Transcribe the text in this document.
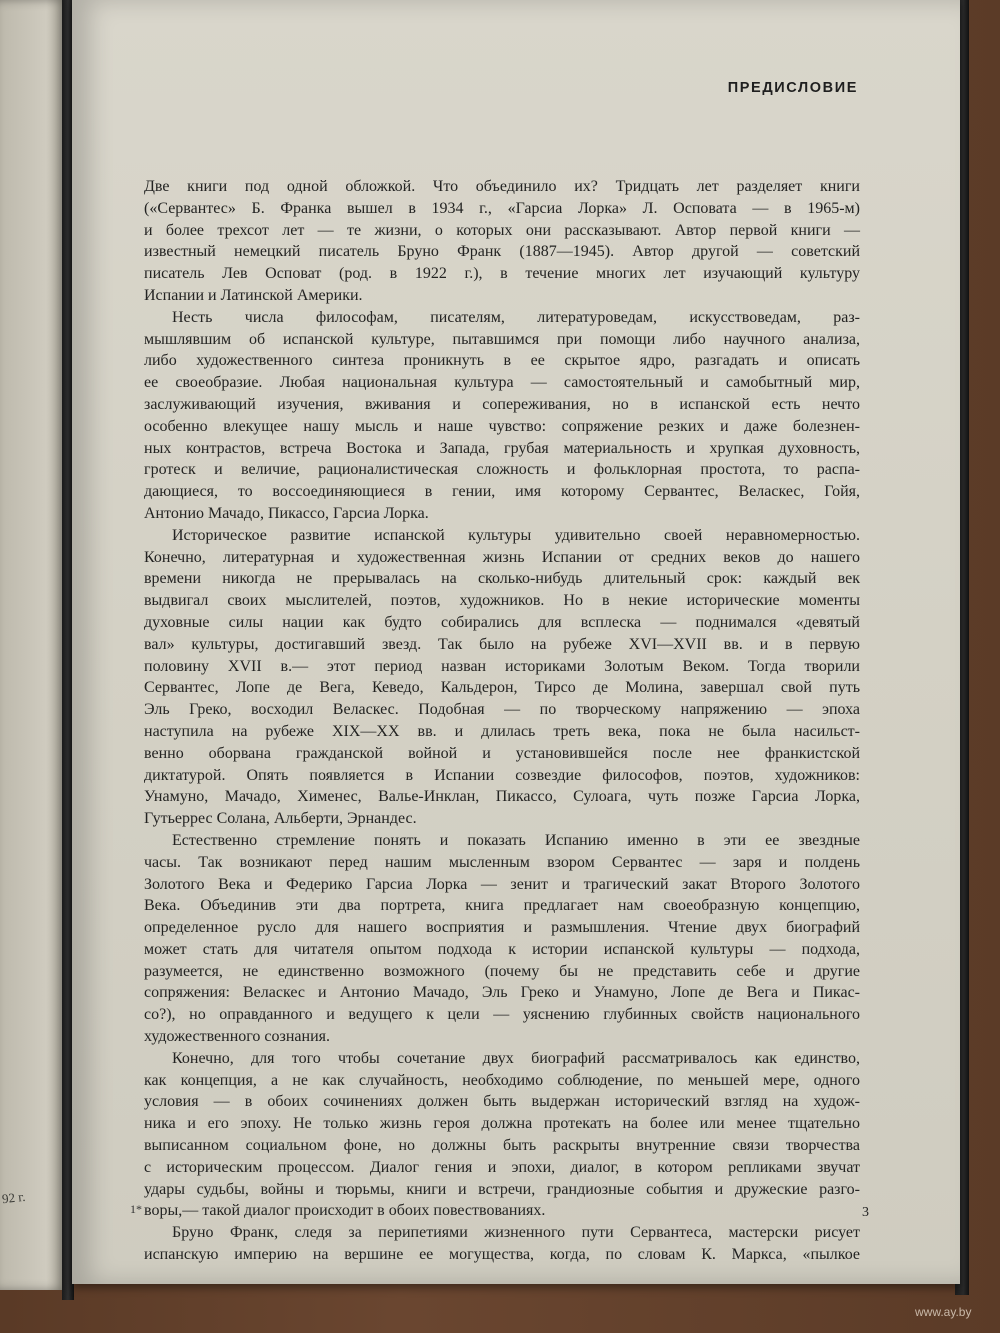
92 г.
ПРЕДИСЛОВИЕ

Две книги под одной обложкой. Что объединило их? Тридцать лет разделяет книги
(«Сервантес» Б. Франка вышел в 1934 г., «Гарсиа Лорка» Л. Осповата — в 1965-м)
и более трехсот лет — те жизни, о которых они рассказывают. Автор первой книги —
известный немецкий писатель Бруно Франк (1887—1945). Автор другой — советский
писатель Лев Осповат (род. в 1922 г.), в течение многих лет изучающий культуру
Испании и Латинской Америки.

Несть числа философам, писателям, литературоведам, искусствоведам, раз-
мышлявшим об испанской культуре, пытавшимся при помощи либо научного анализа,
либо художественного синтеза проникнуть в ее скрытое ядро, разгадать и описать
ее своеобразие. Любая национальная культура — самостоятельный и самобытный мир,
заслуживающий изучения, вживания и сопереживания, но в испанской есть нечто
особенно влекущее нашу мысль и наше чувство: сопряжение резких и даже болезнен-
ных контрастов, встреча Востока и Запада, грубая материальность и хрупкая духовность,
гротеск и величие, рационалистическая сложность и фольклорная простота, то распа-
дающиеся, то воссоединяющиеся в гении, имя которому Сервантес, Веласкес, Гойя,
Антонио Мачадо, Пикассо, Гарсиа Лорка.

Историческое развитие испанской культуры удивительно своей неравномерностью.
Конечно, литературная и художественная жизнь Испании от средних веков до нашего
времени никогда не прерывалась на сколько-нибудь длительный срок: каждый век
выдвигал своих мыслителей, поэтов, художников. Но в некие исторические моменты
духовные силы нации как будто собирались для всплеска — поднимался «девятый
вал» культуры, достигавший звезд. Так было на рубеже XVI—XVII вв. и в первую
половину XVII в.— этот период назван историками Золотым Веком. Тогда творили
Сервантес, Лопе де Вега, Кеведо, Кальдерон, Тирсо де Молина, завершал свой путь
Эль Греко, восходил Веласкес. Подобная — по творческому напряжению — эпоха
наступила на рубеже XIX—XX вв. и длилась треть века, пока не была насильст-
венно оборвана гражданской войной и установившейся после нее франкистской
диктатурой. Опять появляется в Испании созвездие философов, поэтов, художников:
Унамуно, Мачадо, Хименес, Валье-Инклан, Пикассо, Сулоага, чуть позже Гарсиа Лорка,
Гутьеррес Солана, Альберти, Эрнандес.

Естественно стремление понять и показать Испанию именно в эти ее звездные
часы. Так возникают перед нашим мысленным взором Сервантес — заря и полдень
Золотого Века и Федерико Гарсиа Лорка — зенит и трагический закат Второго Золотого
Века. Объединив эти два портрета, книга предлагает нам своеобразную концепцию,
определенное русло для нашего восприятия и размышления. Чтение двух биографий
может стать для читателя опытом подхода к истории испанской культуры — подхода,
разумеется, не единственно возможного (почему бы не представить себе и другие
сопряжения: Веласкес и Антонио Мачадо, Эль Греко и Унамуно, Лопе де Вега и Пикас-
со?), но оправданного и ведущего к цели — уяснению глубинных свойств национального
художественного сознания.

Конечно, для того чтобы сочетание двух биографий рассматривалось как единство,
как концепция, а не как случайность, необходимо соблюдение, по меньшей мере, одного
условия — в обоих сочинениях должен быть выдержан исторический взгляд на худож-
ника и его эпоху. Не только жизнь героя должна протекать на более или менее тщательно
выписанном социальном фоне, но должны быть раскрыты внутренние связи творчества
с историческим процессом. Диалог гения и эпохи, диалог, в котором репликами звучат
удары судьбы, войны и тюрьмы, книги и встречи, грандиозные события и дружеские разго-
воры,— такой диалог происходит в обоих повествованиях.

Бруно Франк, следя за перипетиями жизненного пути Сервантеса, мастерски рисует
испанскую империю на вершине ее могущества, когда, по словам К. Маркса, «пылкое

1*	3
www.ay.by
